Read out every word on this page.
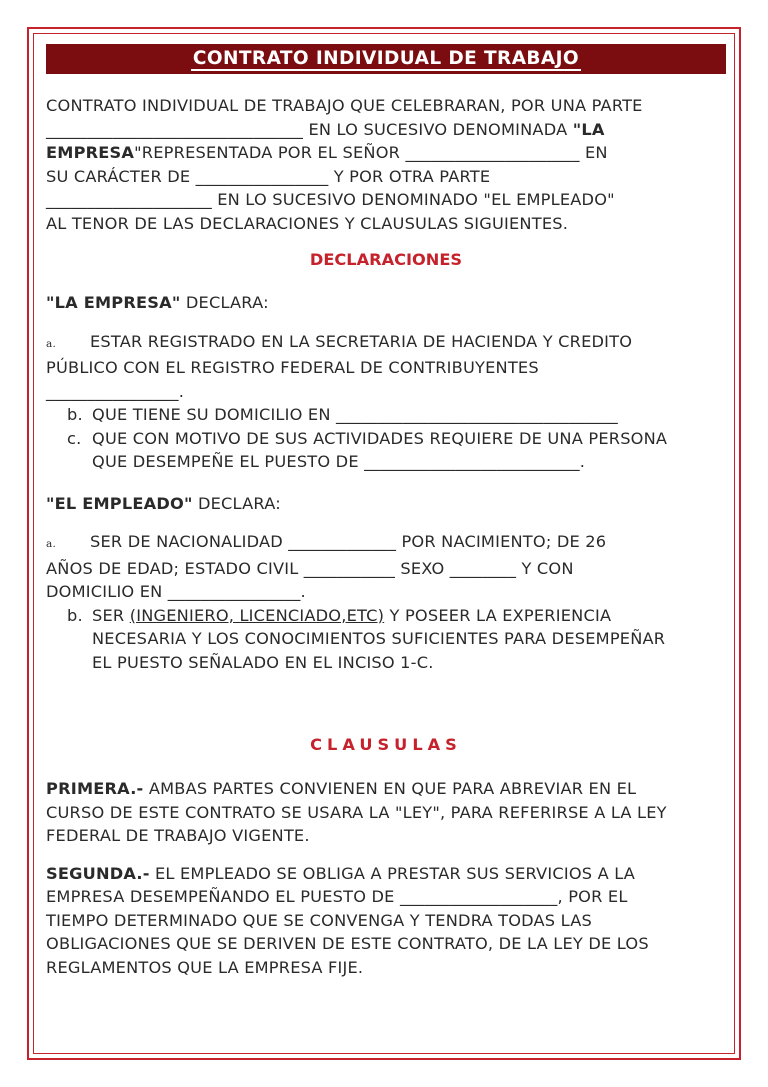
CONTRATO INDIVIDUAL DE TRABAJO

CONTRATO INDIVIDUAL DE TRABAJO QUE CELEBRARAN, POR UNA PARTE

_______________________________ EN LO SUCESIVO DENOMINADA "LA

EMPRESA"REPRESENTADA POR EL SEÑOR _____________________ EN

SU CARÁCTER DE ________________ Y POR OTRA PARTE

____________________ EN LO SUCESIVO DENOMINADO "EL EMPLEADO"

AL TENOR DE LAS DECLARACIONES Y CLAUSULAS SIGUIENTES.

DECLARACIONES

"LA EMPRESA" DECLARA:

a. ESTAR REGISTRADO EN LA SECRETARIA DE HACIENDA Y CREDITO

PÚBLICO CON EL REGISTRO FEDERAL DE CONTRIBUYENTES

________________.

b. QUE TIENE SU DOMICILIO EN __________________________________

c. QUE CON MOTIVO DE SUS ACTIVIDADES REQUIERE DE UNA PERSONA

QUE DESEMPEÑE EL PUESTO DE __________________________.

"EL EMPLEADO" DECLARA:

a. SER DE NACIONALIDAD _____________ POR NACIMIENTO; DE 26

AÑOS DE EDAD; ESTADO CIVIL ___________ SEXO ________ Y CON

DOMICILIO EN ________________.

b. SER (INGENIERO, LICENCIADO,ETC) Y POSEER LA EXPERIENCIA

NECESARIA Y LOS CONOCIMIENTOS SUFICIENTES PARA DESEMPEÑAR

EL PUESTO SEÑALADO EN EL INCISO 1-C.

CLAUSULAS

PRIMERA.- AMBAS PARTES CONVIENEN EN QUE PARA ABREVIAR EN EL

CURSO DE ESTE CONTRATO SE USARA LA "LEY", PARA REFERIRSE A LA LEY

FEDERAL DE TRABAJO VIGENTE.

SEGUNDA.- EL EMPLEADO SE OBLIGA A PRESTAR SUS SERVICIOS A LA

EMPRESA DESEMPEÑANDO EL PUESTO DE ___________________, POR EL

TIEMPO DETERMINADO QUE SE CONVENGA Y TENDRA TODAS LAS

OBLIGACIONES QUE SE DERIVEN DE ESTE CONTRATO, DE LA LEY DE LOS

REGLAMENTOS QUE LA EMPRESA FIJE.
